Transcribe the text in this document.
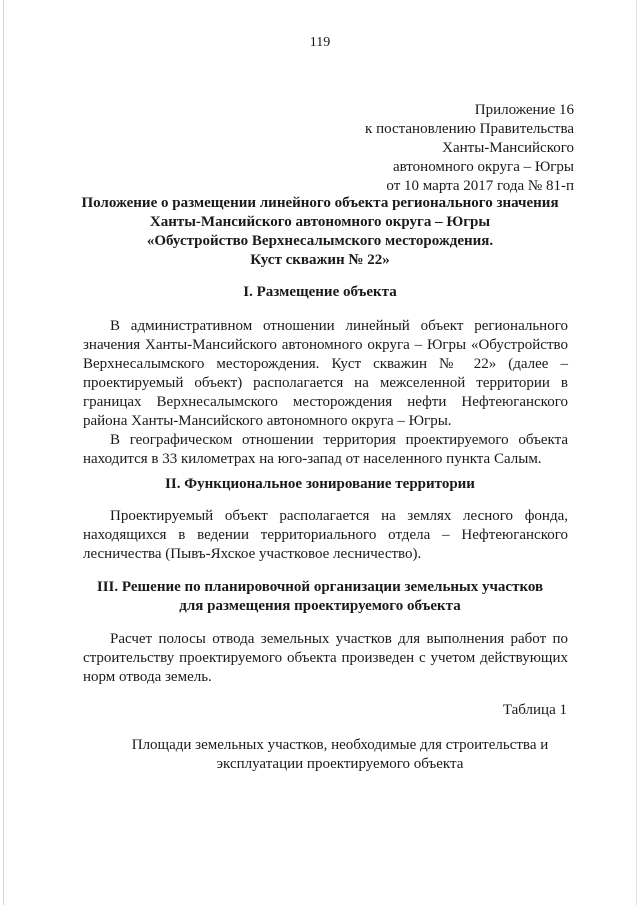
119
Приложение 16
к постановлению Правительства
Ханты-Мансийского
автономного округа – Югры
от 10 марта 2017 года № 81-п
Положение о размещении линейного объекта регионального значения
Ханты-Мансийского автономного округа – Югры
«Обустройство Верхнесалымского месторождения.
Куст скважин № 22»
I. Размещение объекта
В административном отношении линейный объект регионального значения Ханты-Мансийского автономного округа – Югры «Обустройство Верхнесалымского месторождения. Куст скважин № 22» (далее – проектируемый объект) располагается на межселенной территории в границах Верхнесалымского месторождения нефти Нефтеюганского района Ханты-Мансийского автономного округа – Югры.
В географическом отношении территория проектируемого объекта находится в 33 километрах на юго-запад от населенного пункта Салым.
II. Функциональное зонирование территории
Проектируемый объект располагается на землях лесного фонда, находящихся в ведении территориального отдела – Нефтеюганского лесничества (Пывъ-Яхское участковое лесничество).
III. Решение по планировочной организации земельных участков
для размещения проектируемого объекта
Расчет полосы отвода земельных участков для выполнения работ по строительству проектируемого объекта произведен с учетом действующих норм отвода земель.
Таблица 1
Площади земельных участков, необходимые для строительства и
эксплуатации проектируемого объекта
